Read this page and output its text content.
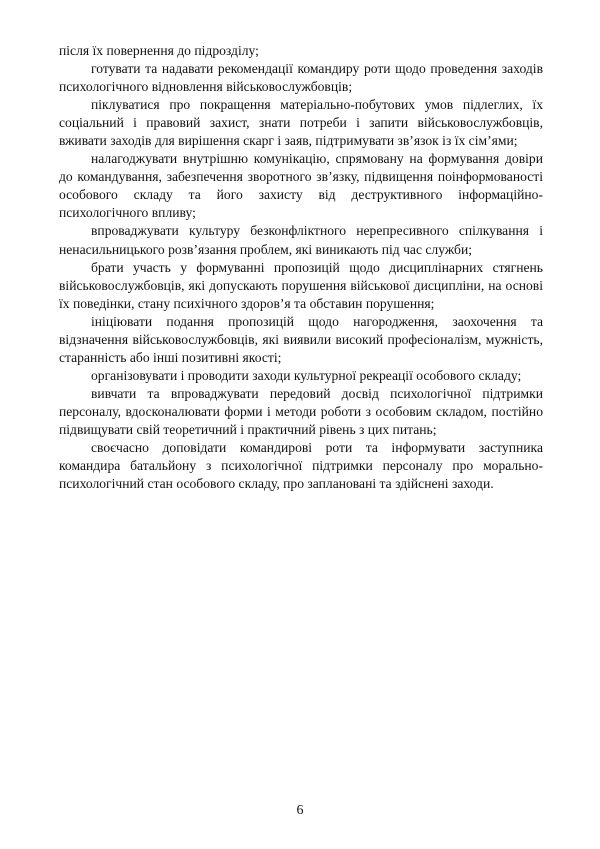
після їх повернення до підрозділу;

готувати та надавати рекомендації командиру роти щодо проведення заходів психологічного відновлення військовослужбовців;

піклуватися про покращення матеріально-побутових умов підлеглих, їх соціальний і правовий захист, знати потреби і запити військовослужбовців, вживати заходів для вирішення скарг і заяв, підтримувати зв’язок із їх сім’ями;

налагоджувати внутрішню комунікацію, спрямовану на формування довіри до командування, забезпечення зворотного зв’язку, підвищення поінформованості особового складу та його захисту від деструктивного інформаційно-психологічного впливу;

впроваджувати культуру безконфліктного нерепресивного спілкування і ненасильницького розв’язання проблем, які виникають під час служби;

брати участь у формуванні пропозицій щодо дисциплінарних стягнень військовослужбовців, які допускають порушення військової дисципліни, на основі їх поведінки, стану психічного здоров’я та обставин порушення;

ініціювати подання пропозицій щодо нагородження, заохочення та відзначення військовослужбовців, які виявили високий професіоналізм, мужність, старанність або інші позитивні якості;

організовувати і проводити заходи культурної рекреації особового складу;

вивчати та впроваджувати передовий досвід психологічної підтримки персоналу, вдосконалювати форми і методи роботи з особовим складом, постійно підвищувати свій теоретичний і практичний рівень з цих питань;

своєчасно доповідати командирові роти та інформувати заступника командира батальйону з психологічної підтримки персоналу про морально-психологічний стан особового складу, про заплановані та здійснені заходи.

6
